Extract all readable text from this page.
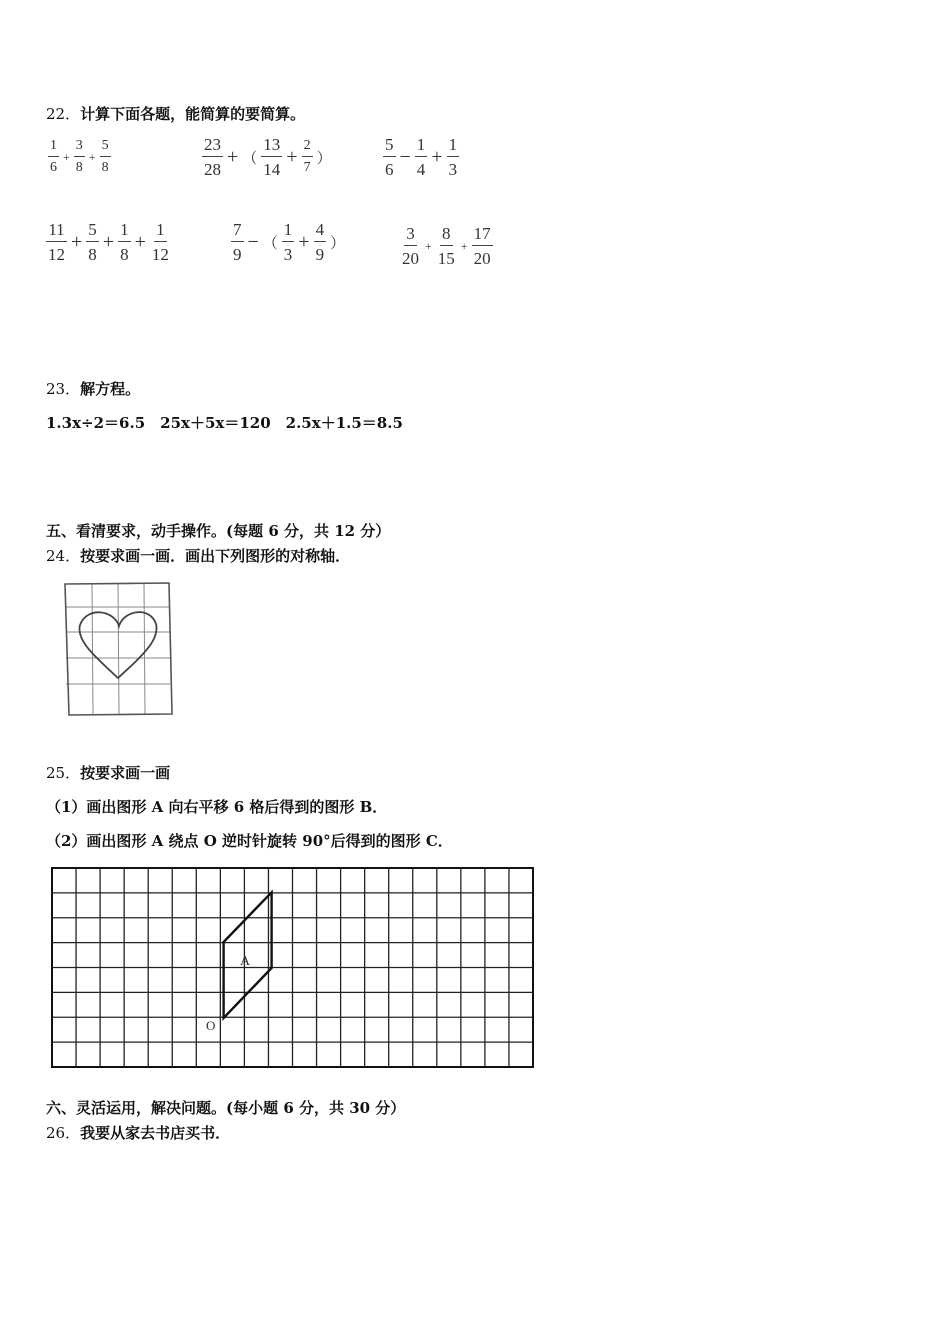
22．计算下面各题，能简算的要简算。
$\frac{1}{6} + \frac{3}{8} + \frac{5}{8}$	$\frac{23}{28}$ + （ $\frac{13}{14} + \frac{2}{7}$ ）	$\frac{5}{6} - \frac{1}{4} + \frac{1}{3}$
$\frac{11}{12} + \frac{5}{8} + \frac{1}{8} + \frac{1}{12}$	$\frac{7}{9}$ − （ $\frac{1}{3} + \frac{4}{9}$ ）	$\frac{3}{20} + \frac{8}{15} + \frac{17}{20}$
23．解方程。
1.3x÷2＝6.5　25x＋5x＝120　2.5x＋1.5＝8.5
五、看清要求，动手操作。(每题 6 分，共 12 分）
24．按要求画一画．画出下列图形的对称轴．
25．按要求画一画
（1）画出图形 A 向右平移 6 格后得到的图形 B．
（2）画出图形 A 绕点 O 逆时针旋转 90°后得到的图形 C．
A
O
六、灵活运用，解决问题。(每小题 6 分，共 30 分）
26．我要从家去书店买书．
